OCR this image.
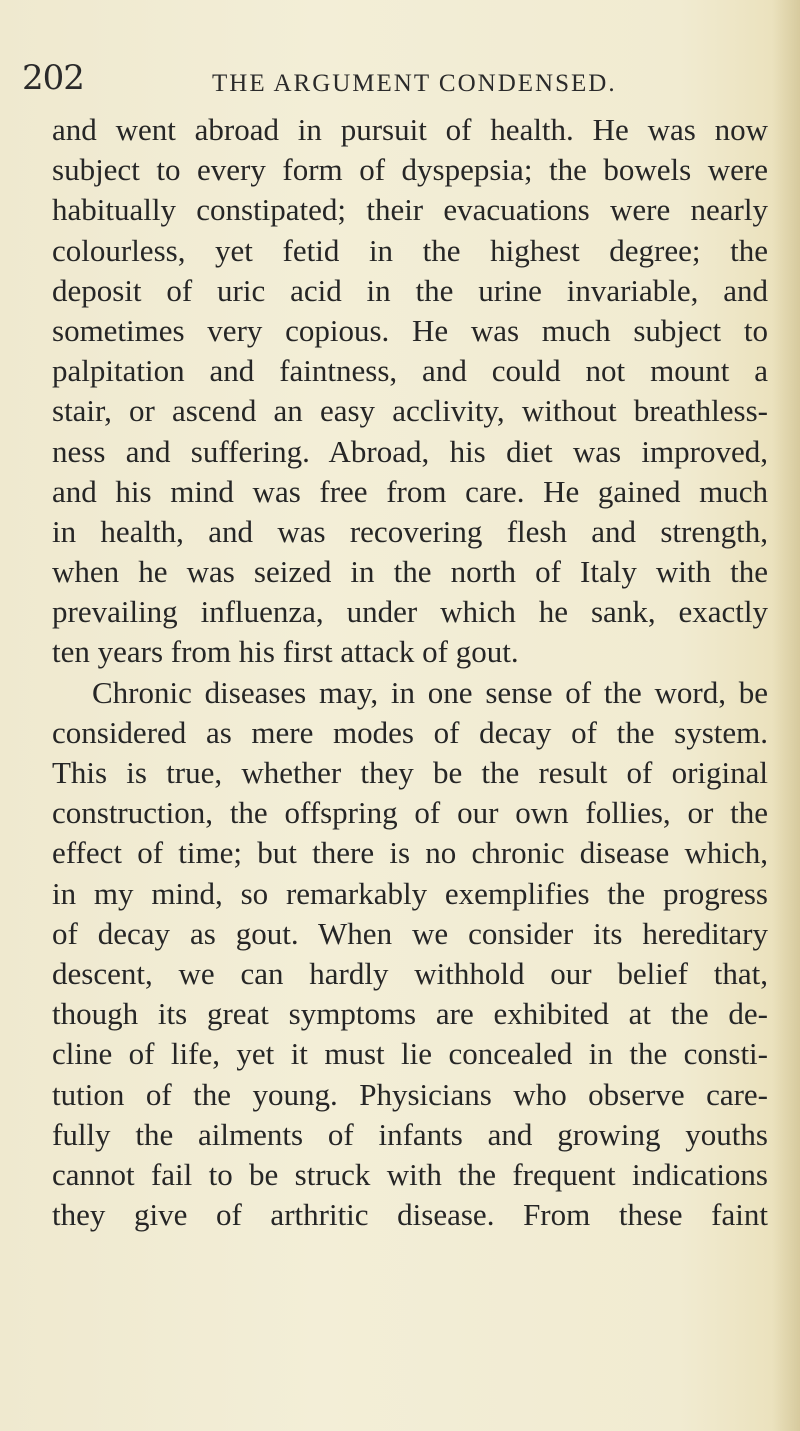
202	THE ARGUMENT CONDENSED.
and went abroad in pursuit of health. He was now
subject to every form of dyspepsia; the bowels were
habitually constipated; their evacuations were nearly
colourless, yet fetid in the highest degree; the
deposit of uric acid in the urine invariable, and
sometimes very copious. He was much subject to
palpitation and faintness, and could not mount a
stair, or ascend an easy acclivity, without breathless-
ness and suffering. Abroad, his diet was improved,
and his mind was free from care. He gained much
in health, and was recovering flesh and strength,
when he was seized in the north of Italy with the
prevailing influenza, under which he sank, exactly
ten years from his first attack of gout.
Chronic diseases may, in one sense of the word, be
considered as mere modes of decay of the system.
This is true, whether they be the result of original
construction, the offspring of our own follies, or the
effect of time; but there is no chronic disease which,
in my mind, so remarkably exemplifies the progress
of decay as gout. When we consider its hereditary
descent, we can hardly withhold our belief that,
though its great symptoms are exhibited at the de-
cline of life, yet it must lie concealed in the consti-
tution of the young. Physicians who observe care-
fully the ailments of infants and growing youths
cannot fail to be struck with the frequent indications
they give of arthritic disease. From these faint
